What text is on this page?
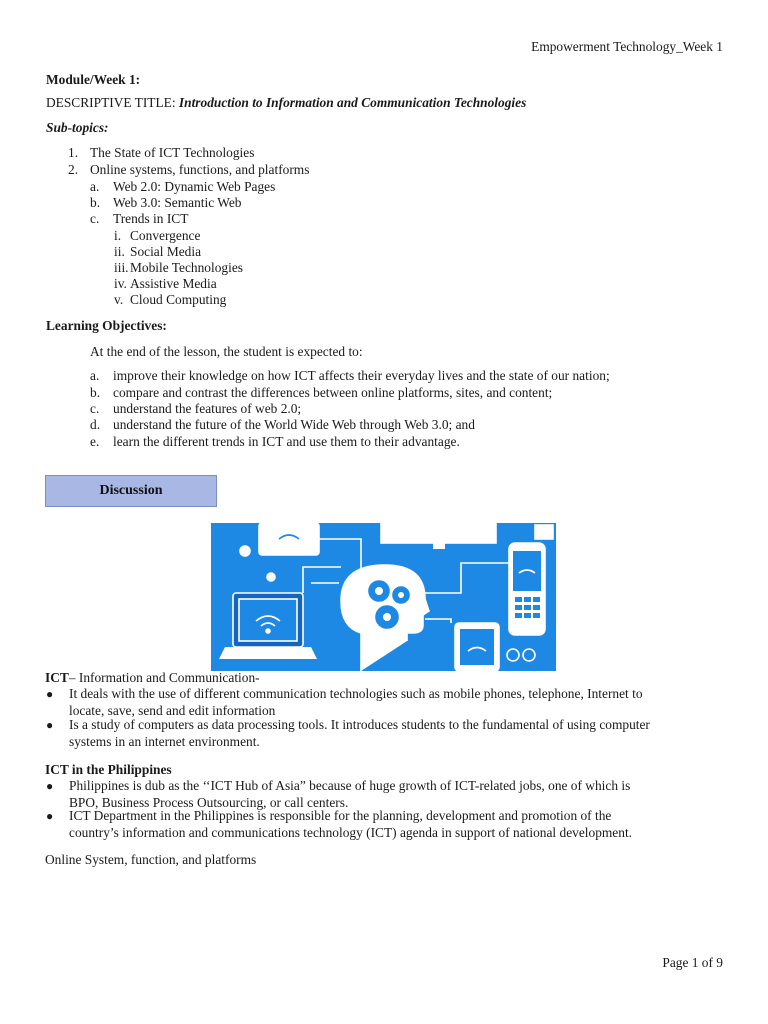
Empowerment Technology_Week 1
Module/Week 1:
DESCRIPTIVE TITLE: Introduction to Information and Communication Technologies
Sub-topics:
1. The State of ICT Technologies
2. Online systems, functions, and platforms
a. Web 2.0: Dynamic Web Pages
b. Web 3.0: Semantic Web
c. Trends in ICT
i. Convergence
ii. Social Media
iii.Mobile Technologies
iv. Assistive Media
v. Cloud Computing
Learning Objectives:
At the end of the lesson, the student is expected to:
a. improve their knowledge on how ICT affects their everyday lives and the state of our nation;
b. compare and contrast the differences between online platforms, sites, and content;
c. understand the features of web 2.0;
d. understand the future of the World Wide Web through Web 3.0; and
e. learn the different trends in ICT and use them to their advantage.
Discussion
ICT– Information and Communication-
● It deals with the use of different communication technologies such as mobile phones, telephone, Internet to
locate, save, send and edit information
● Is a study of computers as data processing tools. It introduces students to the fundamental of using computer
systems in an internet environment.
ICT in the Philippines
● Philippines is dub as the ‘‘ICT Hub of Asia” because of huge growth of ICT-related jobs, one of which is
BPO, Business Process Outsourcing, or call centers.
● ICT Department in the Philippines is responsible for the planning, development and promotion of the
country’s information and communications technology (ICT) agenda in support of national development.
Online System, function, and platforms
Page 1 of 9
